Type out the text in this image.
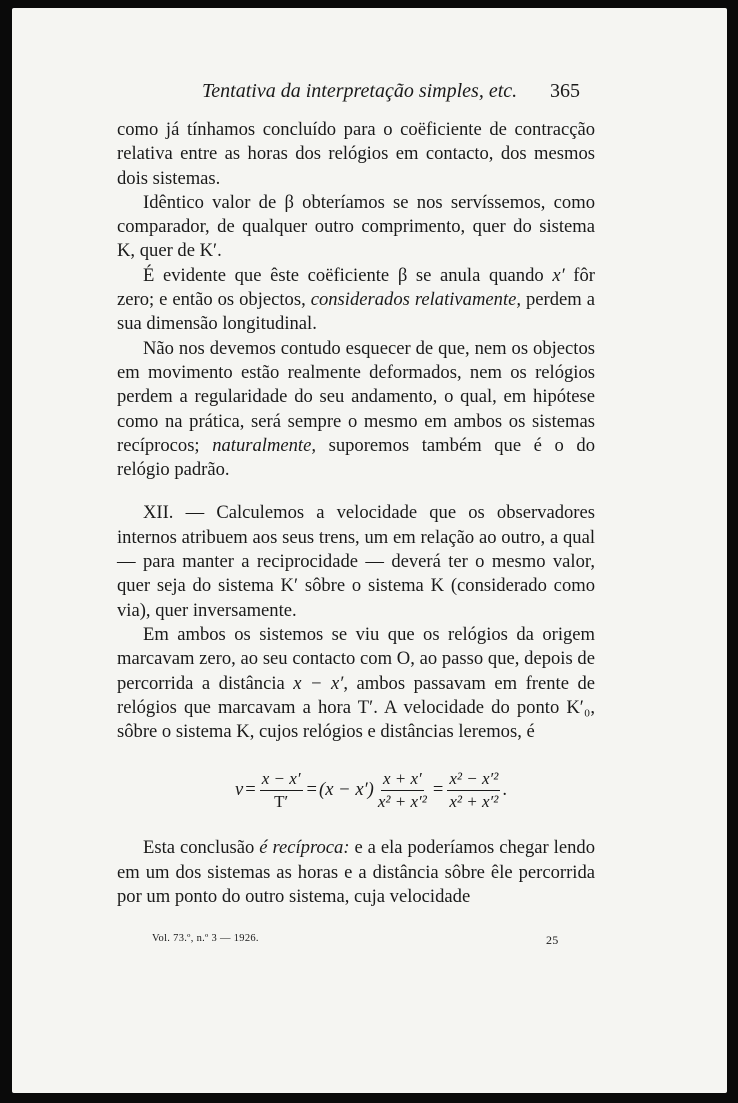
Tentativa da interpretação simples, etc. 365

como já tínhamos concluído para o coëficiente de contracção relativa entre as horas dos relógios em contacto, dos mesmos dois sistemas.

Idêntico valor de β obteríamos se nos servíssemos, como comparador, de qualquer outro comprimento, quer do sistema K, quer de K′.

É evidente que êste coëficiente β se anula quando x′ fôr zero; e então os objectos, considerados relativamente, perdem a sua dimensão longitudinal.

Não nos devemos contudo esquecer de que, nem os objectos em movimento estão realmente deformados, nem os relógios perdem a regularidade do seu andamento, o qual, em hipótese como na prática, será sempre o mesmo em ambos os sistemas recíprocos; naturalmente, suporemos também que é o do relógio padrão.

XII. — Calculemos a velocidade que os observadores internos atribuem aos seus trens, um em relação ao outro, a qual — para manter a reciprocidade — deverá ter o mesmo valor, quer seja do sistema K′ sôbre o sistema K (considerado como via), quer inversamente.

Em ambos os sistemos se viu que os relógios da origem marcavam zero, ao seu contacto com O, ao passo que, depois de percorrida a distância x − x′, ambos passavam em frente de relógios que marcavam a hora T′. A velocidade do ponto K′₀, sôbre o sistema K, cujos relógios e distâncias leremos, é

$v = \frac{x - x'}{T'} = (x - x') \frac{x + x'}{\text{x² + x′²}} = \frac{\text{x² − x′²}}{\text{x² + x′²}}$ .

Esta conclusão é recíproca: e a ela poderíamos chegar lendo em um dos sistemas as horas e a distância sôbre êle percorrida por um ponto do outro sistema, cuja velocidade

Vol. 73.º, n.º 3 — 1926.	25
